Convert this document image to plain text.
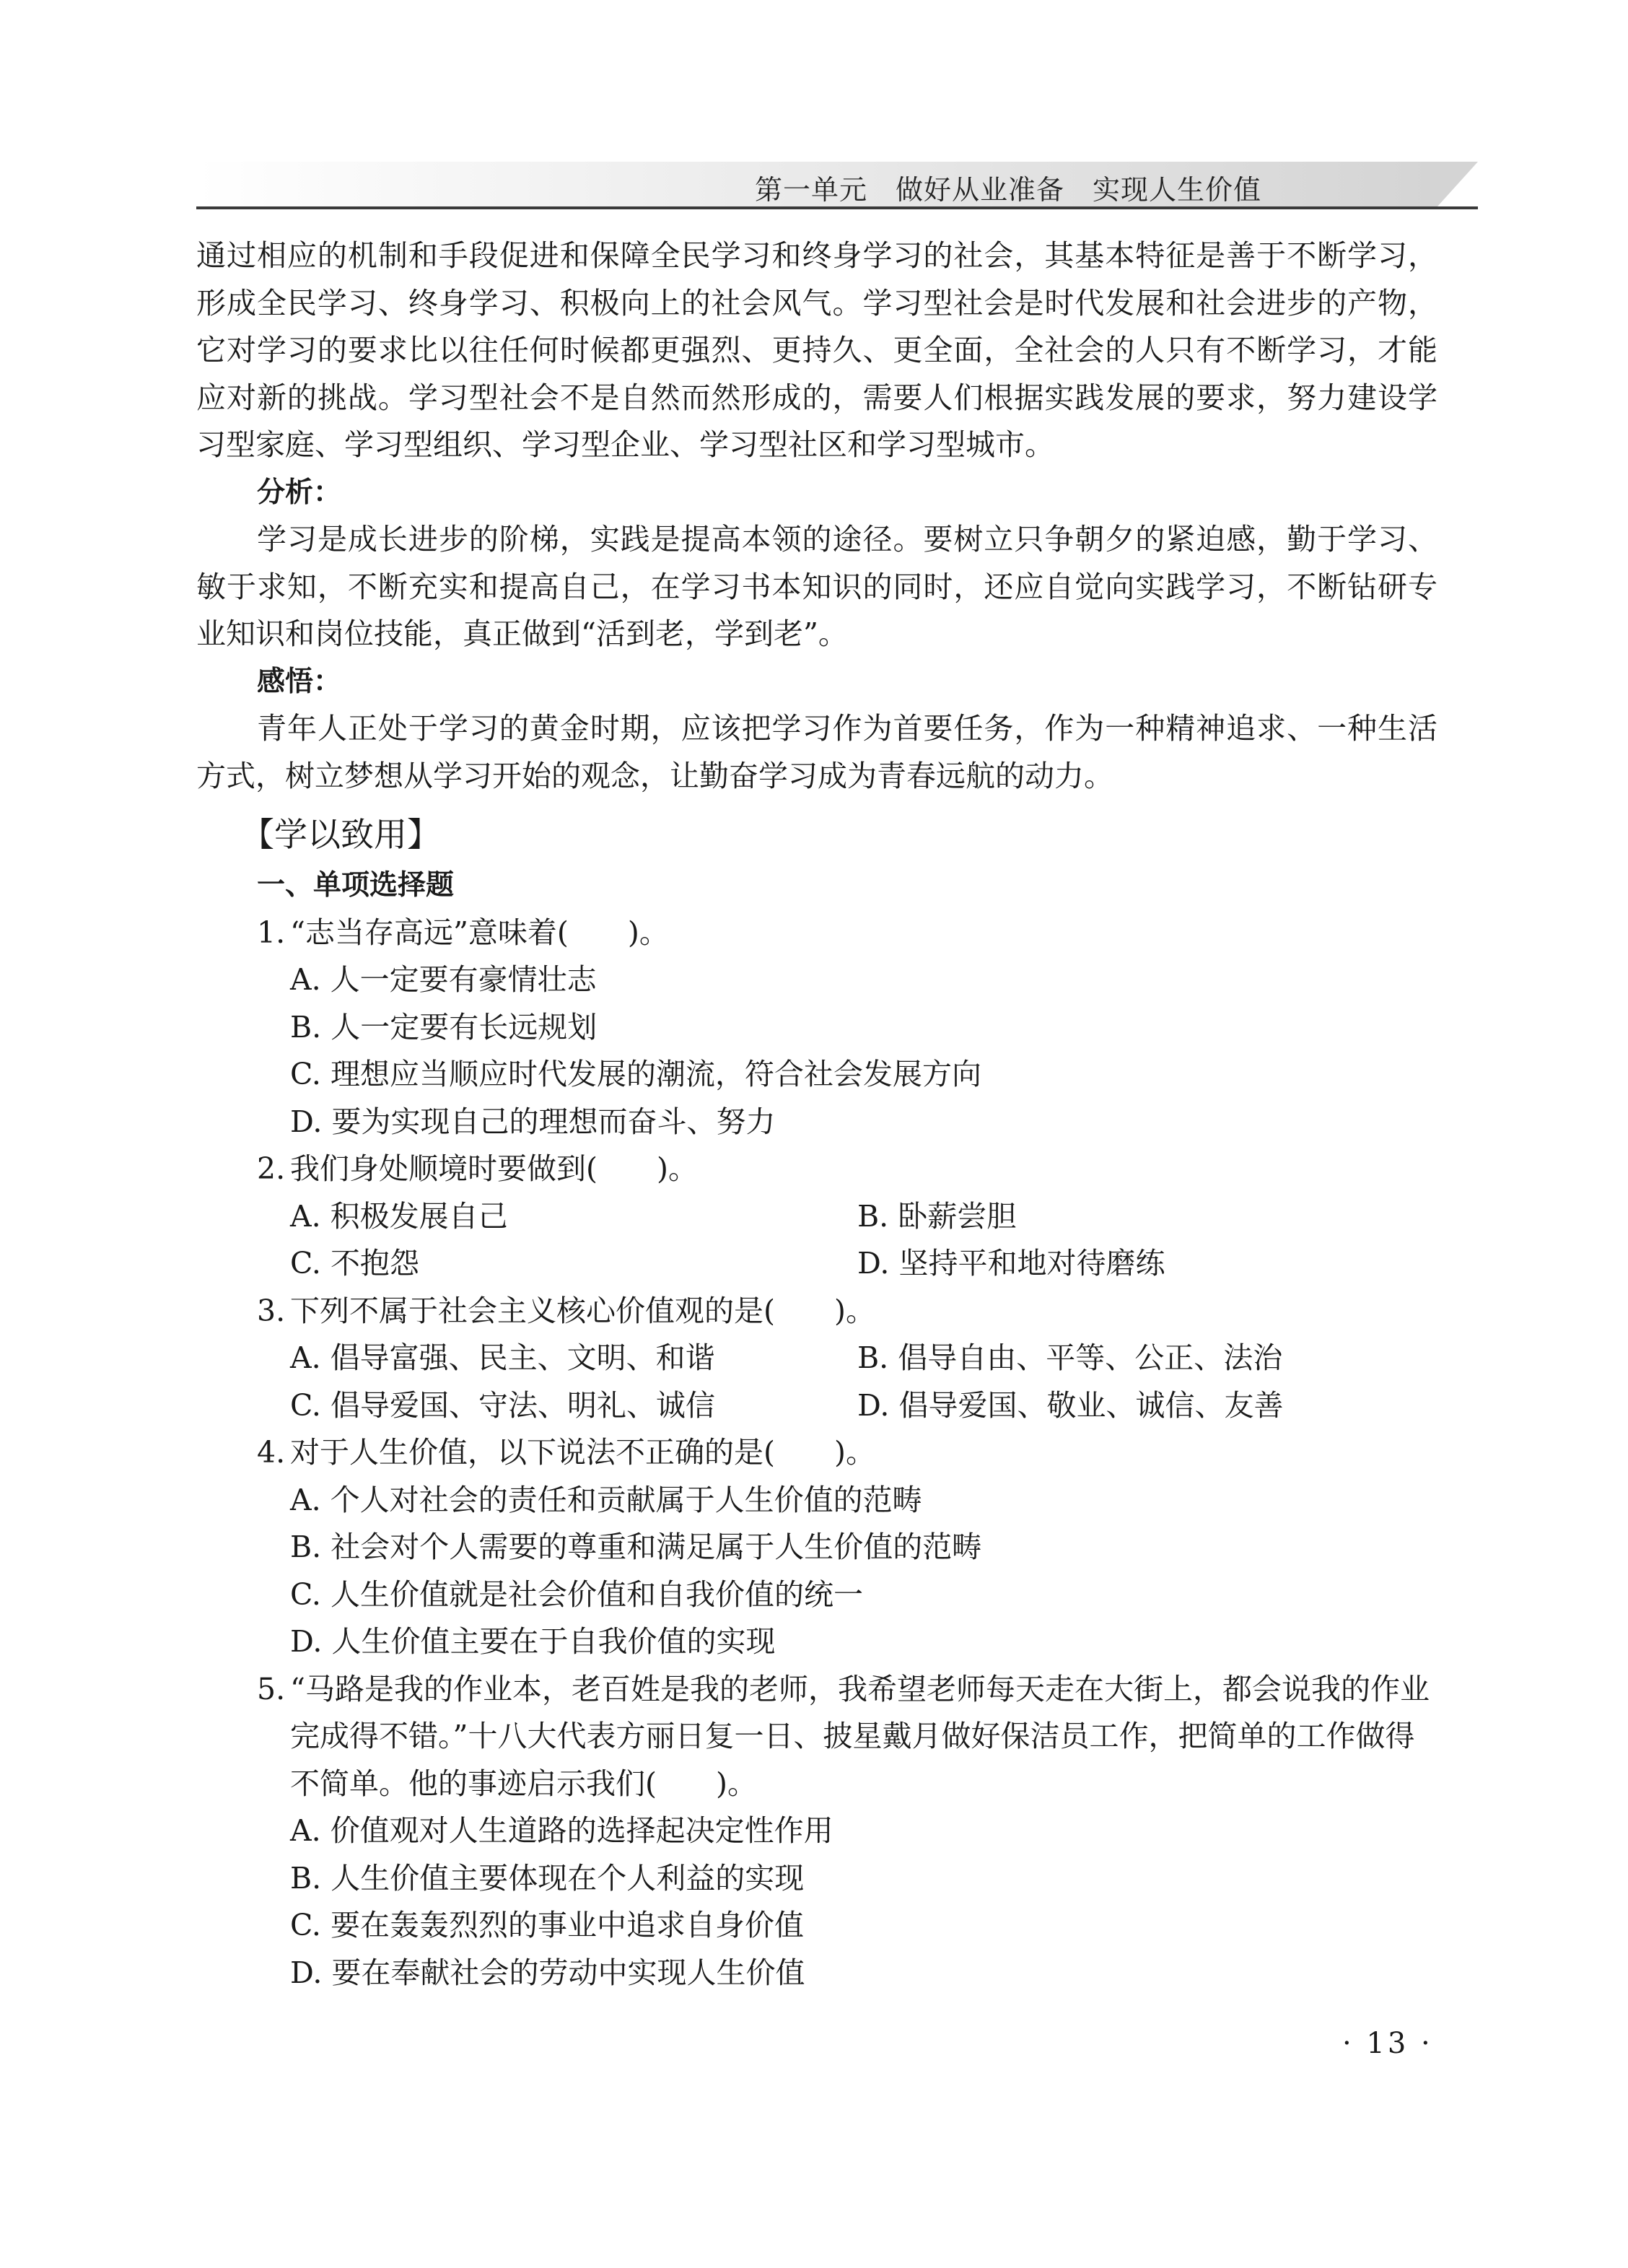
第一单元　做好从业准备　实现人生价值

通过相应的机制和手段促进和保障全民学习和终身学习的社会，其基本特征是善于不断学习，形成全民学习、终身学习、积极向上的社会风气。学习型社会是时代发展和社会进步的产物，它对学习的要求比以往任何时候都更强烈、更持久、更全面，全社会的人只有不断学习，才能应对新的挑战。学习型社会不是自然而然形成的，需要人们根据实践发展的要求，努力建设学习型家庭、学习型组织、学习型企业、学习型社区和学习型城市。

分析：

学习是成长进步的阶梯，实践是提高本领的途径。要树立只争朝夕的紧迫感，勤于学习、敏于求知，不断充实和提高自己，在学习书本知识的同时，还应自觉向实践学习，不断钻研专业知识和岗位技能，真正做到“活到老，学到老”。

感悟：

青年人正处于学习的黄金时期，应该把学习作为首要任务，作为一种精神追求、一种生活方式，树立梦想从学习开始的观念，让勤奋学习成为青春远航的动力。

【学以致用】

一、单项选择题

1. “志当存高远”意味着(　　)。

A. 人一定要有豪情壮志

B. 人一定要有长远规划

C. 理想应当顺应时代发展的潮流，符合社会发展方向

D. 要为实现自己的理想而奋斗、努力

2. 我们身处顺境时要做到(　　)。

A. 积极发展自己	B. 卧薪尝胆
C. 不抱怨	D. 坚持平和地对待磨练

3. 下列不属于社会主义核心价值观的是(　　)。

A. 倡导富强、民主、文明、和谐	B. 倡导自由、平等、公正、法治
C. 倡导爱国、守法、明礼、诚信	D. 倡导爱国、敬业、诚信、友善

4. 对于人生价值，以下说法不正确的是(　　)。

A. 个人对社会的责任和贡献属于人生价值的范畴

B. 社会对个人需要的尊重和满足属于人生价值的范畴

C. 人生价值就是社会价值和自我价值的统一

D. 人生价值主要在于自我价值的实现

5. “马路是我的作业本，老百姓是我的老师，我希望老师每天走在大街上，都会说我的作业完成得不错。”十八大代表方丽日复一日、披星戴月做好保洁员工作，把简单的工作做得不简单。他的事迹启示我们(　　)。

A. 价值观对人生道路的选择起决定性作用

B. 人生价值主要体现在个人利益的实现

C. 要在轰轰烈烈的事业中追求自身价值

D. 要在奉献社会的劳动中实现人生价值

· 13 ·
